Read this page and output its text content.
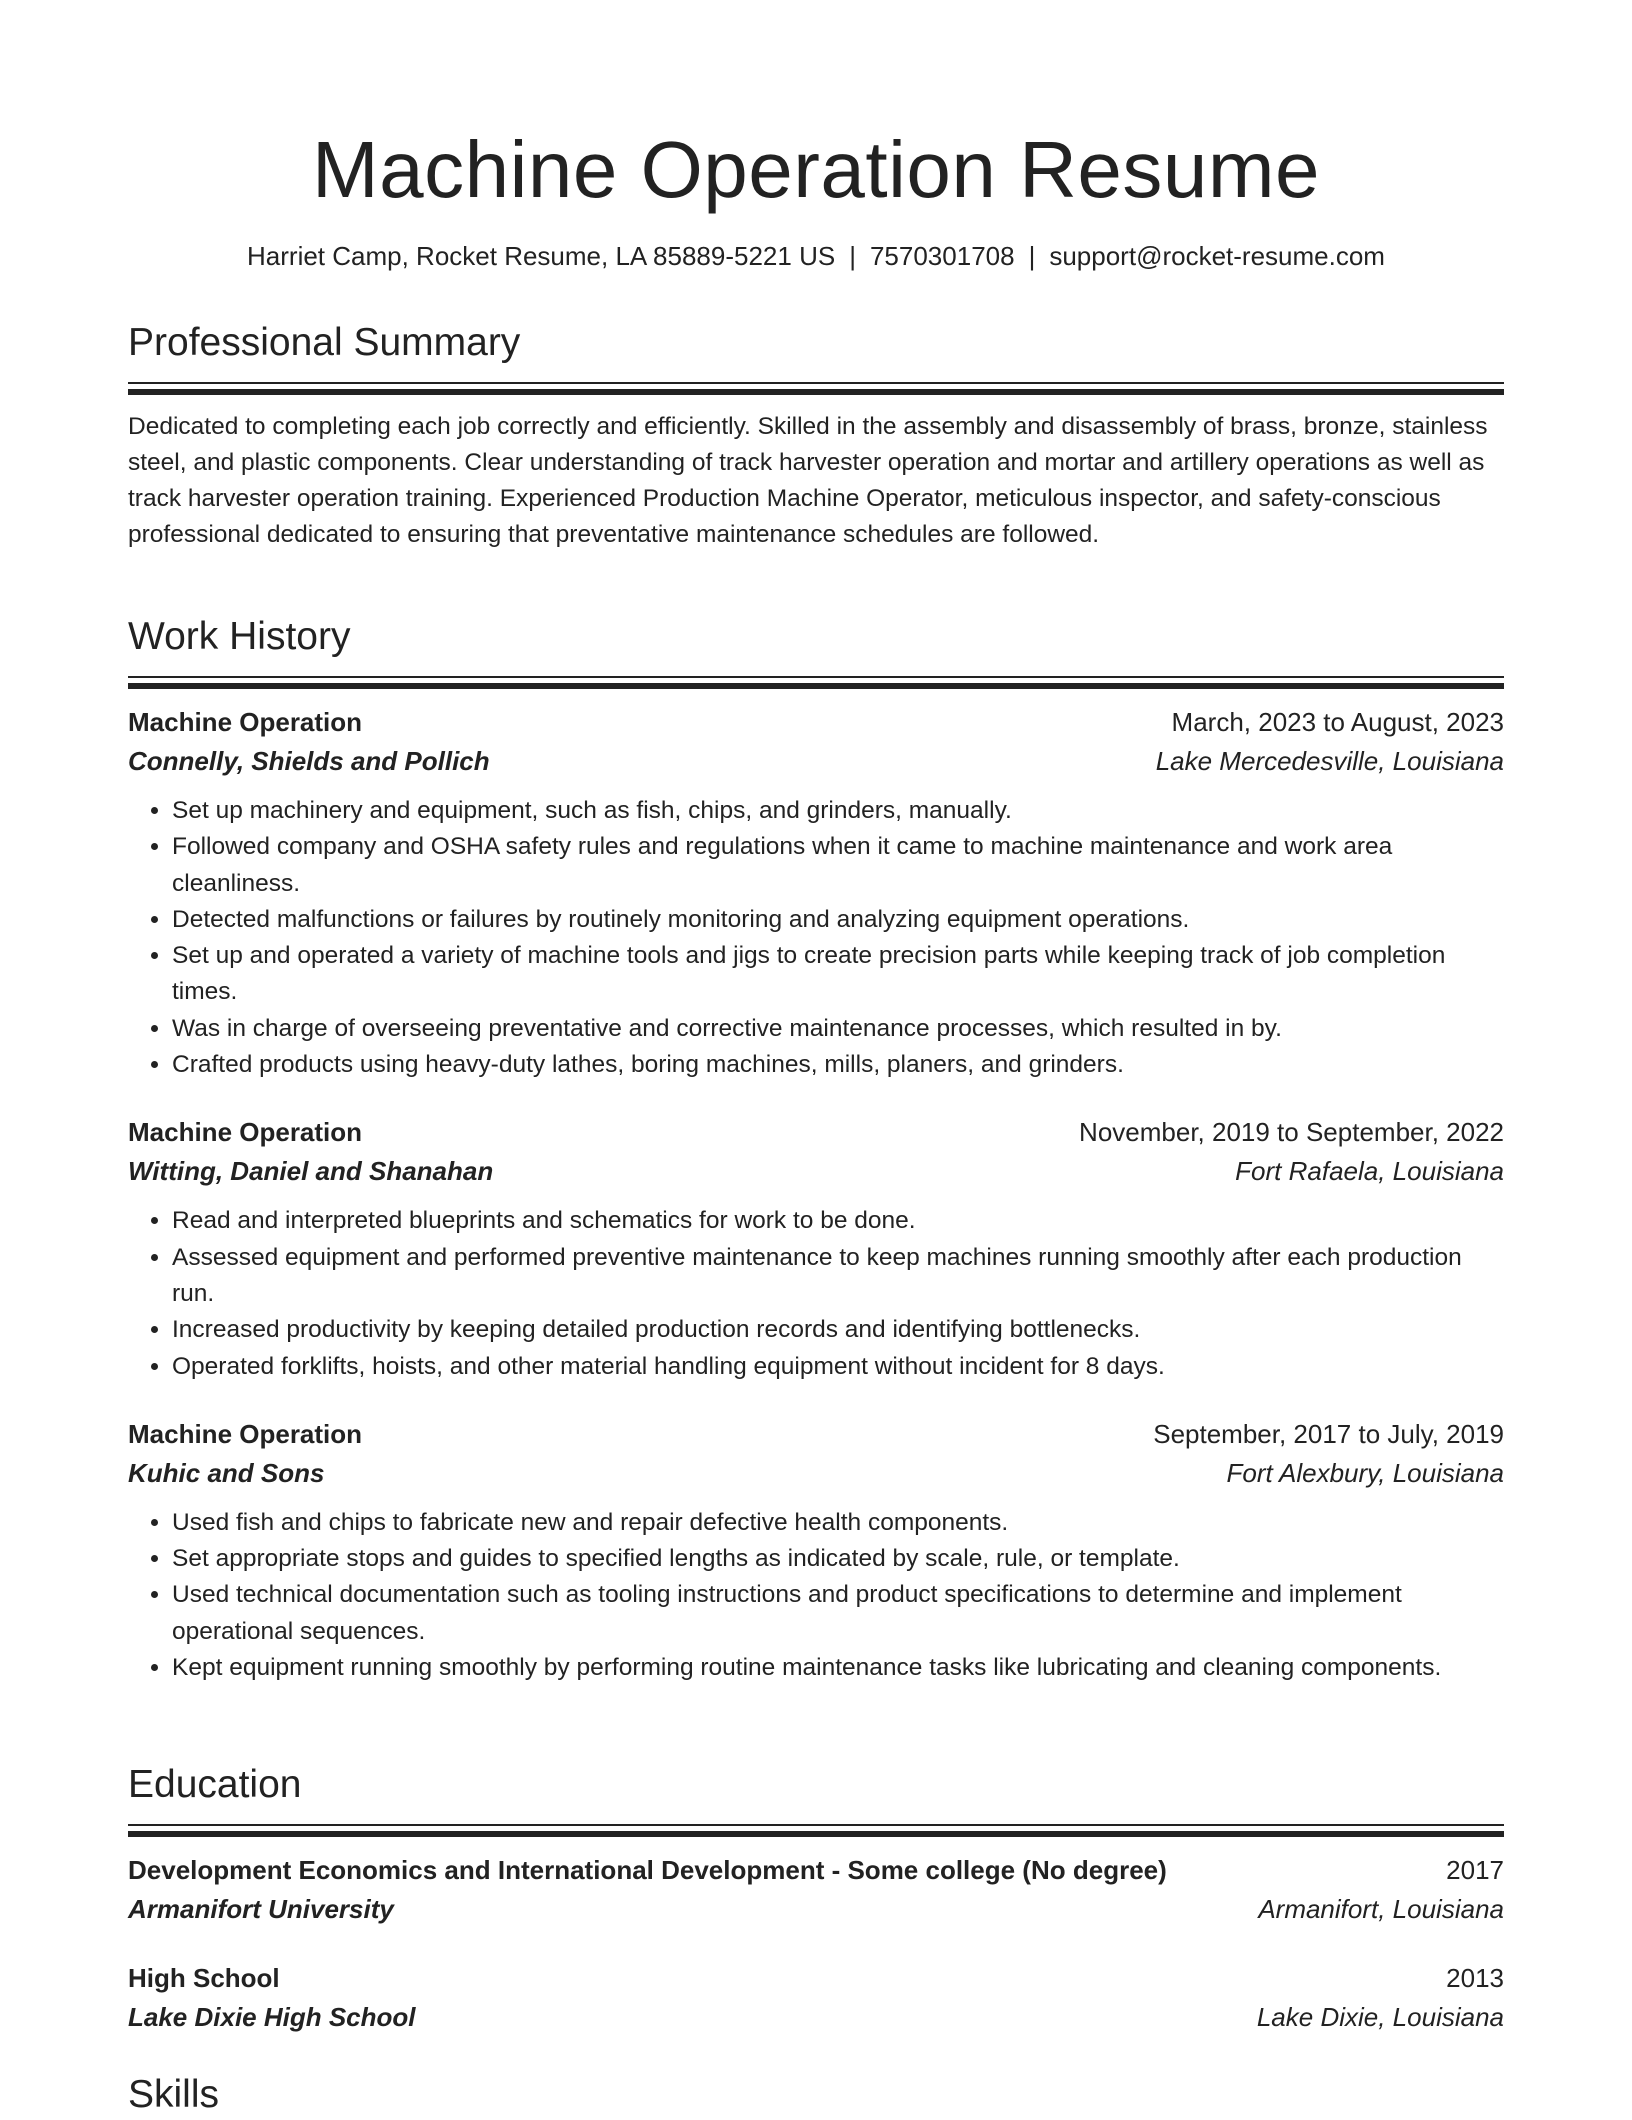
Machine Operation Resume
Harriet Camp, Rocket Resume, LA 85889-5221 US | 7570301708 | support@rocket-resume.com
Professional Summary

Dedicated to completing each job correctly and efficiently. Skilled in the assembly and disassembly of brass, bronze, stainless steel, and plastic components. Clear understanding of track harvester operation and mortar and artillery operations as well as track harvester operation training. Experienced Production Machine Operator, meticulous inspector, and safety-conscious professional dedicated to ensuring that preventative maintenance schedules are followed.

Work History
Machine Operation	March, 2023 to August, 2023
Connelly, Shields and Pollich	Lake Mercedesville, Louisiana
• Set up machinery and equipment, such as fish, chips, and grinders, manually.
• Followed company and OSHA safety rules and regulations when it came to machine maintenance and work area cleanliness.
• Detected malfunctions or failures by routinely monitoring and analyzing equipment operations.
• Set up and operated a variety of machine tools and jigs to create precision parts while keeping track of job completion times.
• Was in charge of overseeing preventative and corrective maintenance processes, which resulted in by.
• Crafted products using heavy-duty lathes, boring machines, mills, planers, and grinders.
Machine Operation	November, 2019 to September, 2022
Witting, Daniel and Shanahan	Fort Rafaela, Louisiana
• Read and interpreted blueprints and schematics for work to be done.
• Assessed equipment and performed preventive maintenance to keep machines running smoothly after each production run.
• Increased productivity by keeping detailed production records and identifying bottlenecks.
• Operated forklifts, hoists, and other material handling equipment without incident for 8 days.
Machine Operation	September, 2017 to July, 2019
Kuhic and Sons	Fort Alexbury, Louisiana
• Used fish and chips to fabricate new and repair defective health components.
• Set appropriate stops and guides to specified lengths as indicated by scale, rule, or template.
• Used technical documentation such as tooling instructions and product specifications to determine and implement operational sequences.
• Kept equipment running smoothly by performing routine maintenance tasks like lubricating and cleaning components.
Education
Development Economics and International Development - Some college (No degree)	2017
Armanifort University	Armanifort, Louisiana
High School	2013
Lake Dixie High School	Lake Dixie, Louisiana
Skills
